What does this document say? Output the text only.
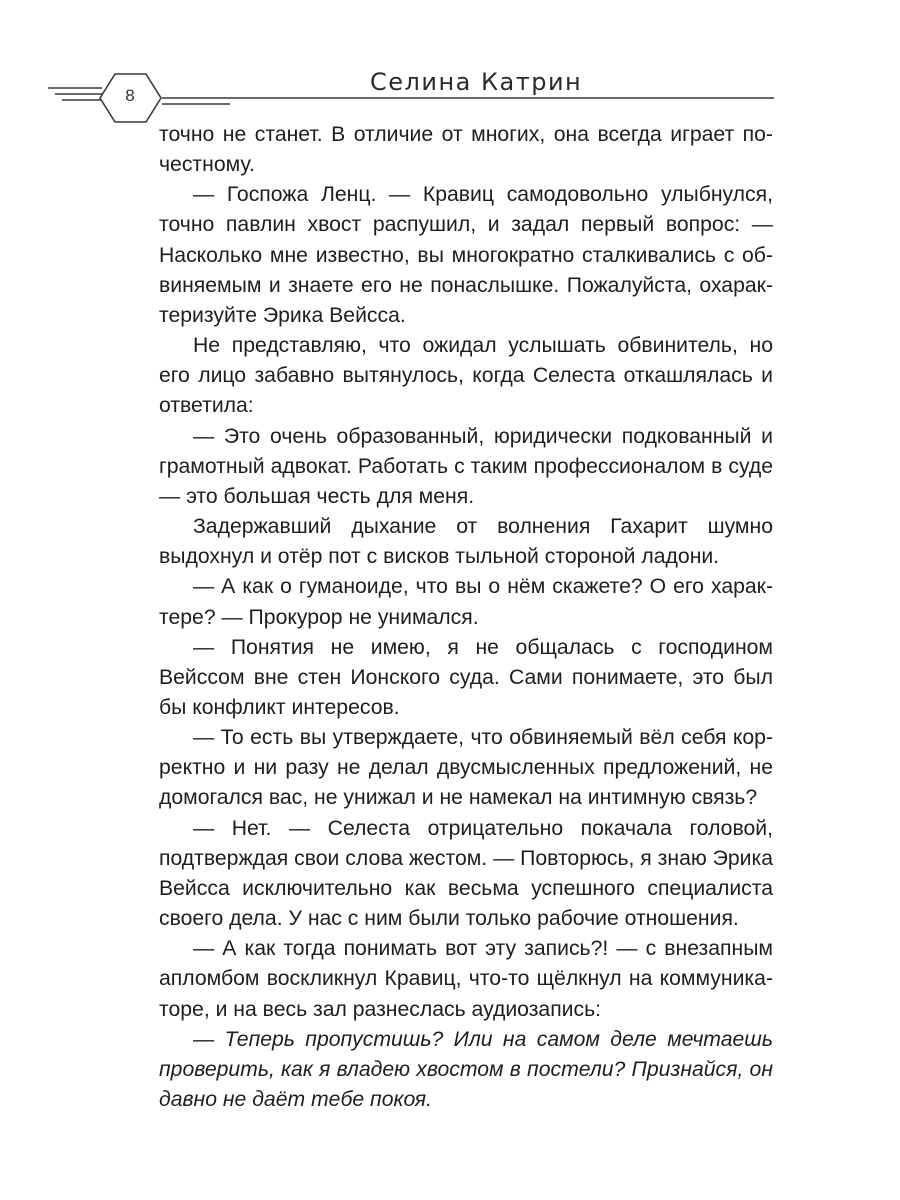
8	Селина Катрин

точно не станет. В отличие от многих, она всегда играет по-честному.

— Госпожа Ленц. — Кравиц самодовольно улыбнулся, точно павлин хвост распушил, и задал первый вопрос: — Насколько мне известно, вы многократно сталкивались с обвиняемым и знаете его не понаслышке. Пожалуйста, охарактеризуйте Эрика Вейсса.

Не представляю, что ожидал услышать обвинитель, но его лицо забавно вытянулось, когда Селеста откашлялась и ответила:

— Это очень образованный, юридически подкованный и грамотный адвокат. Работать с таким профессионалом в суде — это большая честь для меня.

Задержавший дыхание от волнения Гахарит шумно выдохнул и отёр пот с висков тыльной стороной ладони.

— А как о гуманоиде, что вы о нём скажете? О его характере? — Прокурор не унимался.

— Понятия не имею, я не общалась с господином Вейссом вне стен Ионского суда. Сами понимаете, это был бы конфликт интересов.

— То есть вы утверждаете, что обвиняемый вёл себя корректно и ни разу не делал двусмысленных предложений, не домогался вас, не унижал и не намекал на интимную связь?

— Нет. — Селеста отрицательно покачала головой, подтверждая свои слова жестом. — Повторюсь, я знаю Эрика Вейсса исключительно как весьма успешного специалиста своего дела. У нас с ним были только рабочие отношения.

— А как тогда понимать вот эту запись?! — с внезапным апломбом воскликнул Кравиц, что-то щёлкнул на коммуникаторе, и на весь зал разнеслась аудиозапись:

— Теперь пропустишь? Или на самом деле мечтаешь проверить, как я владею хвостом в постели? Признайся, он давно не даёт тебе покоя.
